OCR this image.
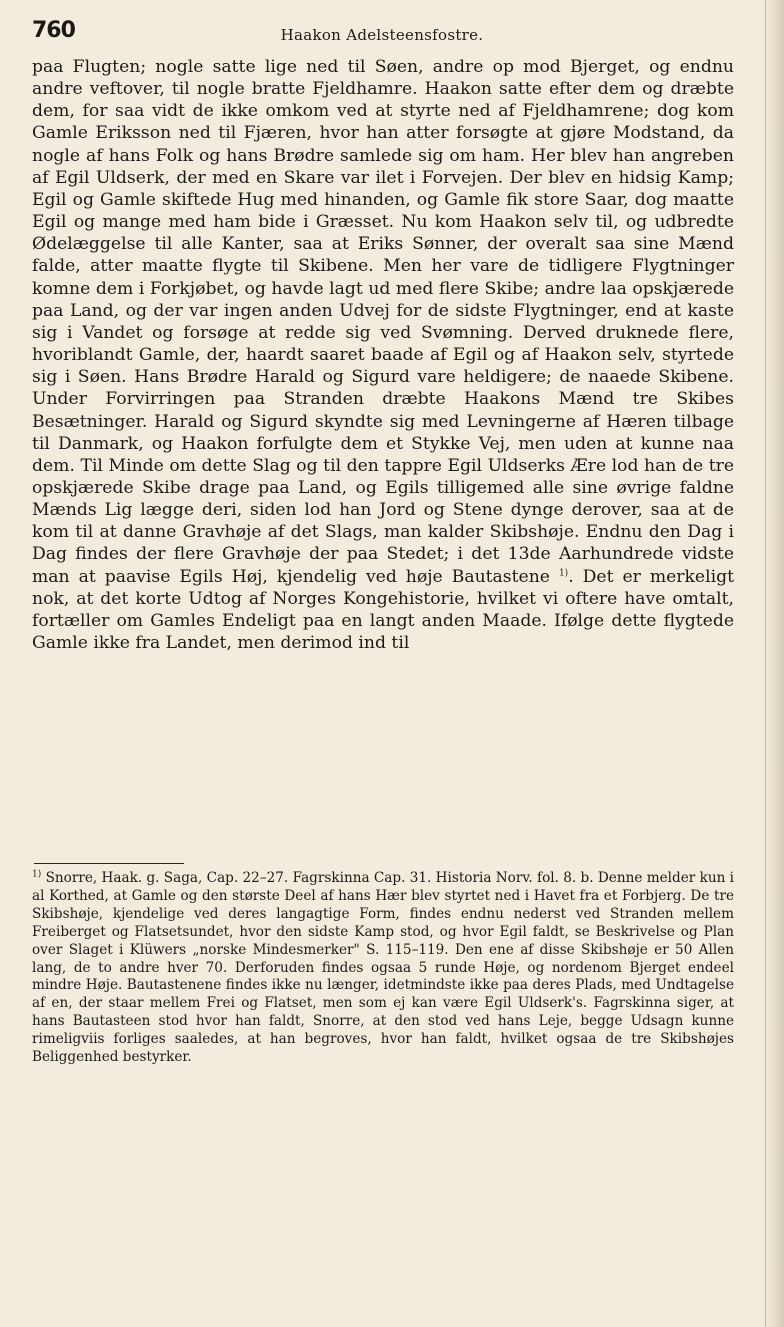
760	Haakon Adelsteensfostre.

paa Flugten; nogle satte lige ned til Søen, andre op mod Bjerget, og endnu andre veftover, til nogle bratte Fjeldhamre. Haakon satte efter dem og dræbte dem, for saa vidt de ikke omkom ved at styrte ned af Fjeldhamrene; dog kom Gamle Eriksson ned til Fjæren, hvor han atter forsøgte at gjøre Modstand, da nogle af hans Folk og hans Brødre samlede sig om ham. Her blev han angreben af Egil Uldserk, der med en Skare var ilet i Forvejen. Der blev en hidsig Kamp; Egil og Gamle skiftede Hug med hinanden, og Gamle fik store Saar, dog maatte Egil og mange med ham bide i Græsset. Nu kom Haakon selv til, og udbredte Ødelæggelse til alle Kanter, saa at Eriks Sønner, der overalt saa sine Mænd falde, atter maatte flygte til Skibene. Men her vare de tidligere Flygtninger komne dem i Forkjøbet, og havde lagt ud med flere Skibe; andre laa opskjærede paa Land, og der var ingen anden Udvej for de sidste Flygtninger, end at kaste sig i Vandet og forsøge at redde sig ved Svømning. Derved druknede flere, hvoriblandt Gamle, der, haardt saaret baade af Egil og af Haakon selv, styrtede sig i Søen. Hans Brødre Harald og Sigurd vare heldigere; de naaede Skibene. Under Forvirringen paa Stranden dræbte Haakons Mænd tre Skibes Besætninger. Harald og Sigurd skyndte sig med Levningerne af Hæren tilbage til Danmark, og Haakon forfulgte dem et Stykke Vej, men uden at kunne naa dem. Til Minde om dette Slag og til den tappre Egil Uldserks Ære lod han de tre opskjærede Skibe drage paa Land, og Egils tilligemed alle sine øvrige faldne Mænds Lig lægge deri, siden lod han Jord og Stene dynge derover, saa at de kom til at danne Gravhøje af det Slags, man kalder Skibshøje. Endnu den Dag i Dag findes der flere Gravhøje der paa Stedet; i det 13de Aarhundrede vidste man at paavise Egils Høj, kjendelig ved høje Bautastene $^{1)}$. Det er merkeligt nok, at det korte Udtog af Norges Kongehistorie, hvilket vi oftere have omtalt, fortæller om Gamles Endeligt paa en langt anden Maade. Ifølge dette flygtede Gamle ikke fra Landet, men derimod ind til

$^{1)}$ Snorre, Haak. g. Saga, Cap. 22–27. Fagrskinna Cap. 31. Historia Norv. fol. 8. b. Denne melder kun i al Korthed, at Gamle og den største Deel af hans Hær blev styrtet ned i Havet fra et Forbjerg. De tre Skibshøje, kjendelige ved deres langagtige Form, findes endnu nederst ved Stranden mellem Freiberget og Flatsetsundet, hvor den sidste Kamp stod, og hvor Egil faldt, se Beskrivelse og Plan over Slaget i Klüwers „norske Mindesmerker" S. 115–119. Den ene af disse Skibshøje er 50 Allen lang, de to andre hver 70. Derforuden findes ogsaa 5 runde Høje, og nordenom Bjerget endeel mindre Høje. Bautastenene findes ikke nu længer, idetmindste ikke paa deres Plads, med Undtagelse af en, der staar mellem Frei og Flatset, men som ej kan være Egil Uldserk's. Fagrskinna siger, at hans Bautasteen stod hvor han faldt, Snorre, at den stod ved hans Leje, begge Udsagn kunne rimeligviis forliges saaledes, at han begroves, hvor han faldt, hvilket ogsaa de tre Skibshøjes Beliggenhed bestyrker.
